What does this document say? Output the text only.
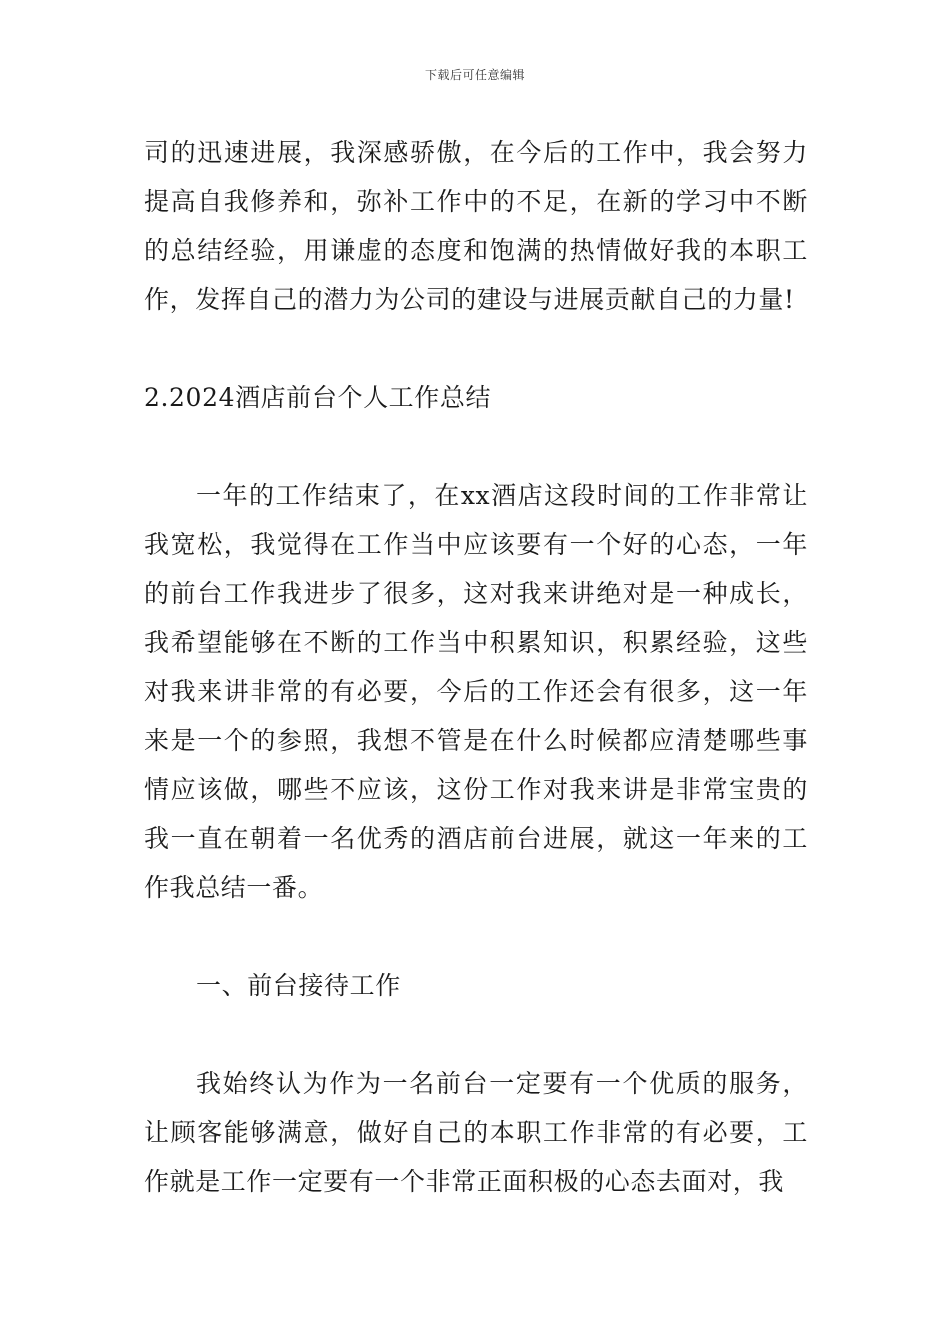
下载后可任意编辑

司的迅速进展，我深感骄傲，在今后的工作中，我会努力提高自我修养和，弥补工作中的不足，在新的学习中不断的总结经验，用谦虚的态度和饱满的热情做好我的本职工作，发挥自己的潜力为公司的建设与进展贡献自己的力量!

2.2024酒店前台个人工作总结

一年的工作结束了，在xx酒店这段时间的工作非常让我宽松，我觉得在工作当中应该要有一个好的心态，一年的前台工作我进步了很多，这对我来讲绝对是一种成长，我希望能够在不断的工作当中积累知识，积累经验，这些对我来讲非常的有必要，今后的工作还会有很多，这一年来是一个的参照，我想不管是在什么时候都应清楚哪些事情应该做，哪些不应该，这份工作对我来讲是非常宝贵的我一直在朝着一名优秀的酒店前台进展，就这一年来的工作我总结一番。

一、前台接待工作

我始终认为作为一名前台一定要有一个优质的服务，让顾客能够满意，做好自己的本职工作非常的有必要，工作就是工作一定要有一个非常正面积极的心态去面对，我
